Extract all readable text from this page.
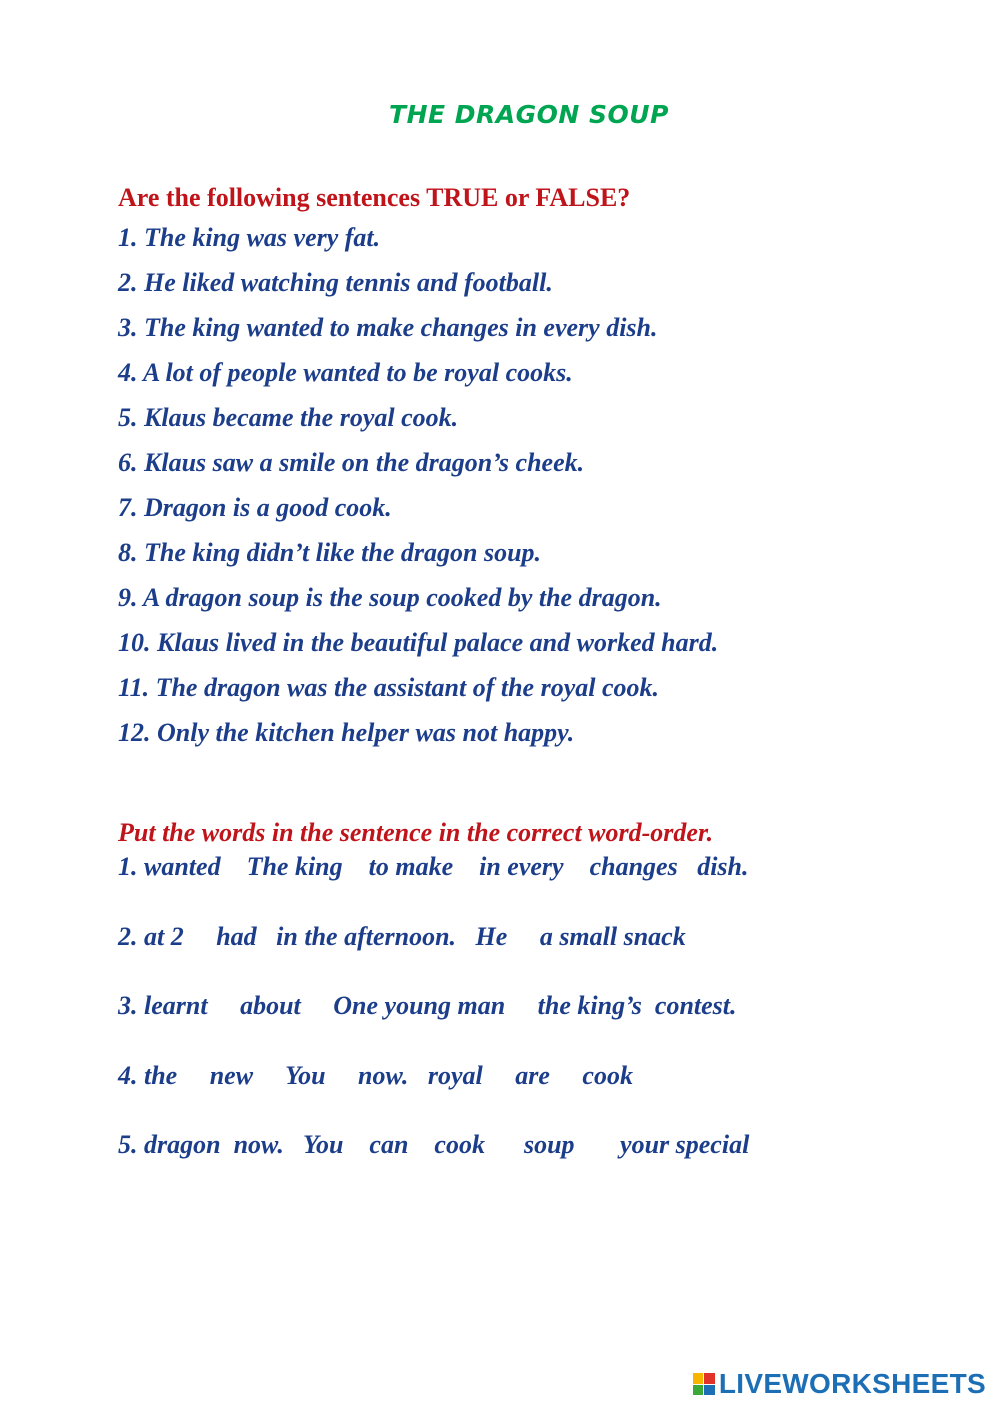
THE DRAGON SOUP

Are the following sentences TRUE or FALSE?

1. The king was very fat.

2. He liked watching tennis and football.

3. The king wanted to make changes in every dish.

4. A lot of people wanted to be royal cooks.

5. Klaus became the royal cook.

6. Klaus saw a smile on the dragon’s cheek.

7. Dragon is a good cook.

8. The king didn’t like the dragon soup.

9. A dragon soup is the soup cooked by the dragon.

10. Klaus lived in the beautiful palace and worked hard.

11. The dragon was the assistant of the royal cook.

12. Only the kitchen helper was not happy.

Put the words in the sentence in the correct word-order.

1. wanted    The king    to make    in every    changes   dish.

2. at 2     had   in the afternoon.   He     a small snack

3. learnt     about     One young man     the king’s  contest.

4. the     new     You     now.   royal     are     cook

5. dragon  now.   You    can    cook      soup       your special

LIVEWORKSHEETS
